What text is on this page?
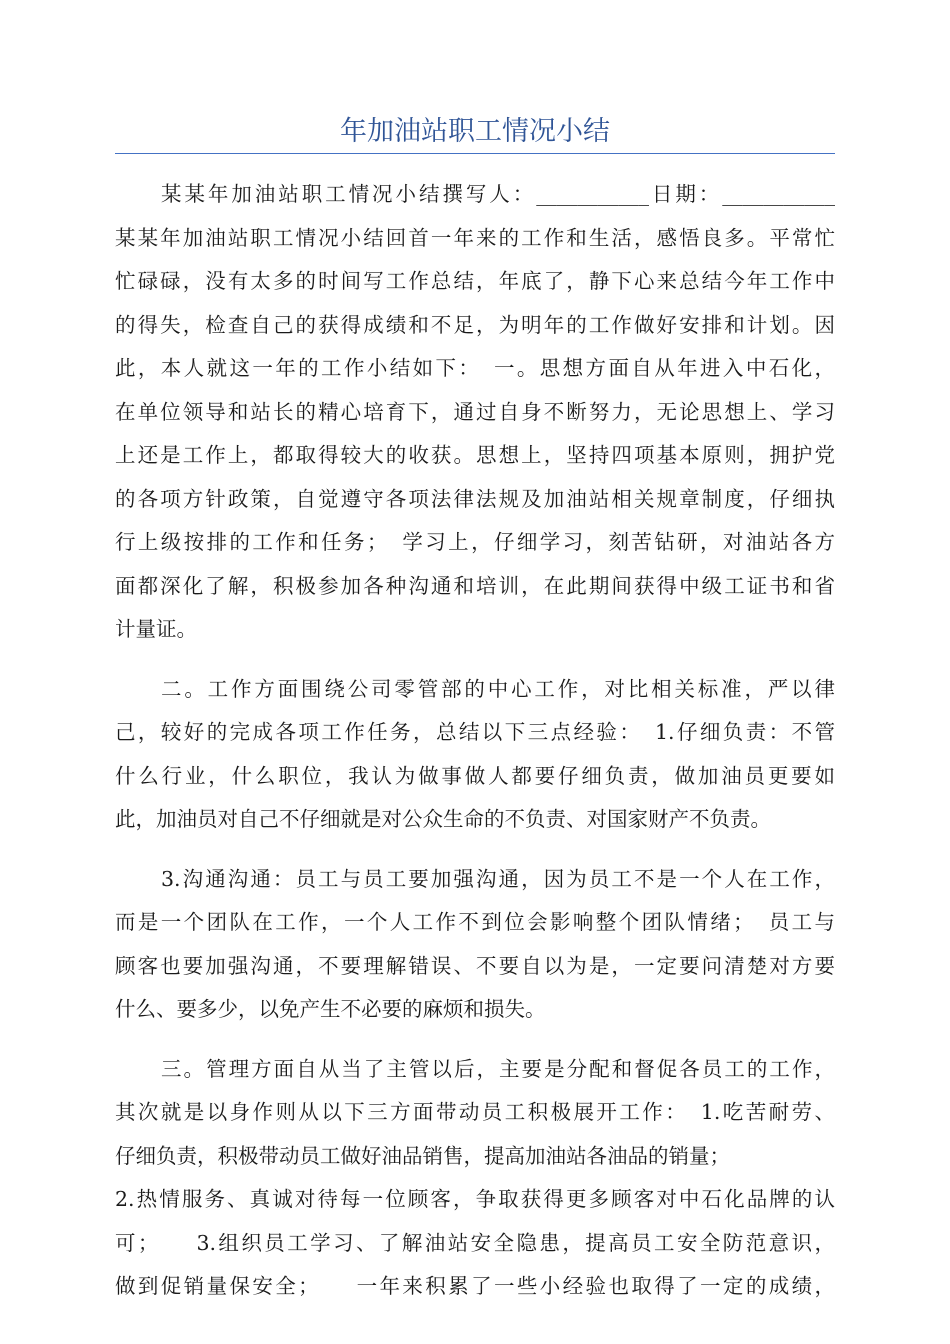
年加油站职工情况小结
某某年加油站职工情况小结撰写人：___________日期：___________
某某年加油站职工情况小结回首一年来的工作和生活，感悟良多。平常忙
忙碌碌，没有太多的时间写工作总结，年底了，静下心来总结今年工作中
的得失，检查自己的获得成绩和不足，为明年的工作做好安排和计划。因
此，本人就这一年的工作小结如下：　一。思想方面自从年进入中石化，
在单位领导和站长的精心培育下，通过自身不断努力，无论思想上、学习
上还是工作上，都取得较大的收获。思想上，坚持四项基本原则，拥护党
的各项方针政策，自觉遵守各项法律法规及加油站相关规章制度，仔细执
行上级按排的工作和任务；　学习上，仔细学习，刻苦钻研，对油站各方
面都深化了解，积极参加各种沟通和培训，在此期间获得中级工证书和省
计量证。
二。工作方面围绕公司零管部的中心工作，对比相关标准，严以律
己，较好的完成各项工作任务，总结以下三点经验：　1.仔细负责：不管
什么行业，什么职位，我认为做事做人都要仔细负责，做加油员更要如
此，加油员对自己不仔细就是对公众生命的不负责、对国家财产不负责。
3.沟通沟通：员工与员工要加强沟通，因为员工不是一个人在工作，
而是一个团队在工作，一个人工作不到位会影响整个团队情绪；　员工与
顾客也要加强沟通，不要理解错误、不要自以为是，一定要问清楚对方要
什么、要多少，以免产生不必要的麻烦和损失。
三。管理方面自从当了主管以后，主要是分配和督促各员工的工作，
其次就是以身作则从以下三方面带动员工积极展开工作：　1.吃苦耐劳、
仔细负责，积极带动员工做好油品销售，提高加油站各油品的销量；
2.热情服务、真诚对待每一位顾客，争取获得更多顾客对中石化品牌的认
可；　　3.组织员工学习、了解油站安全隐患，提高员工安全防范意识，
做到促销量保安全；　　一年来积累了一些小经验也取得了一定的成绩，
